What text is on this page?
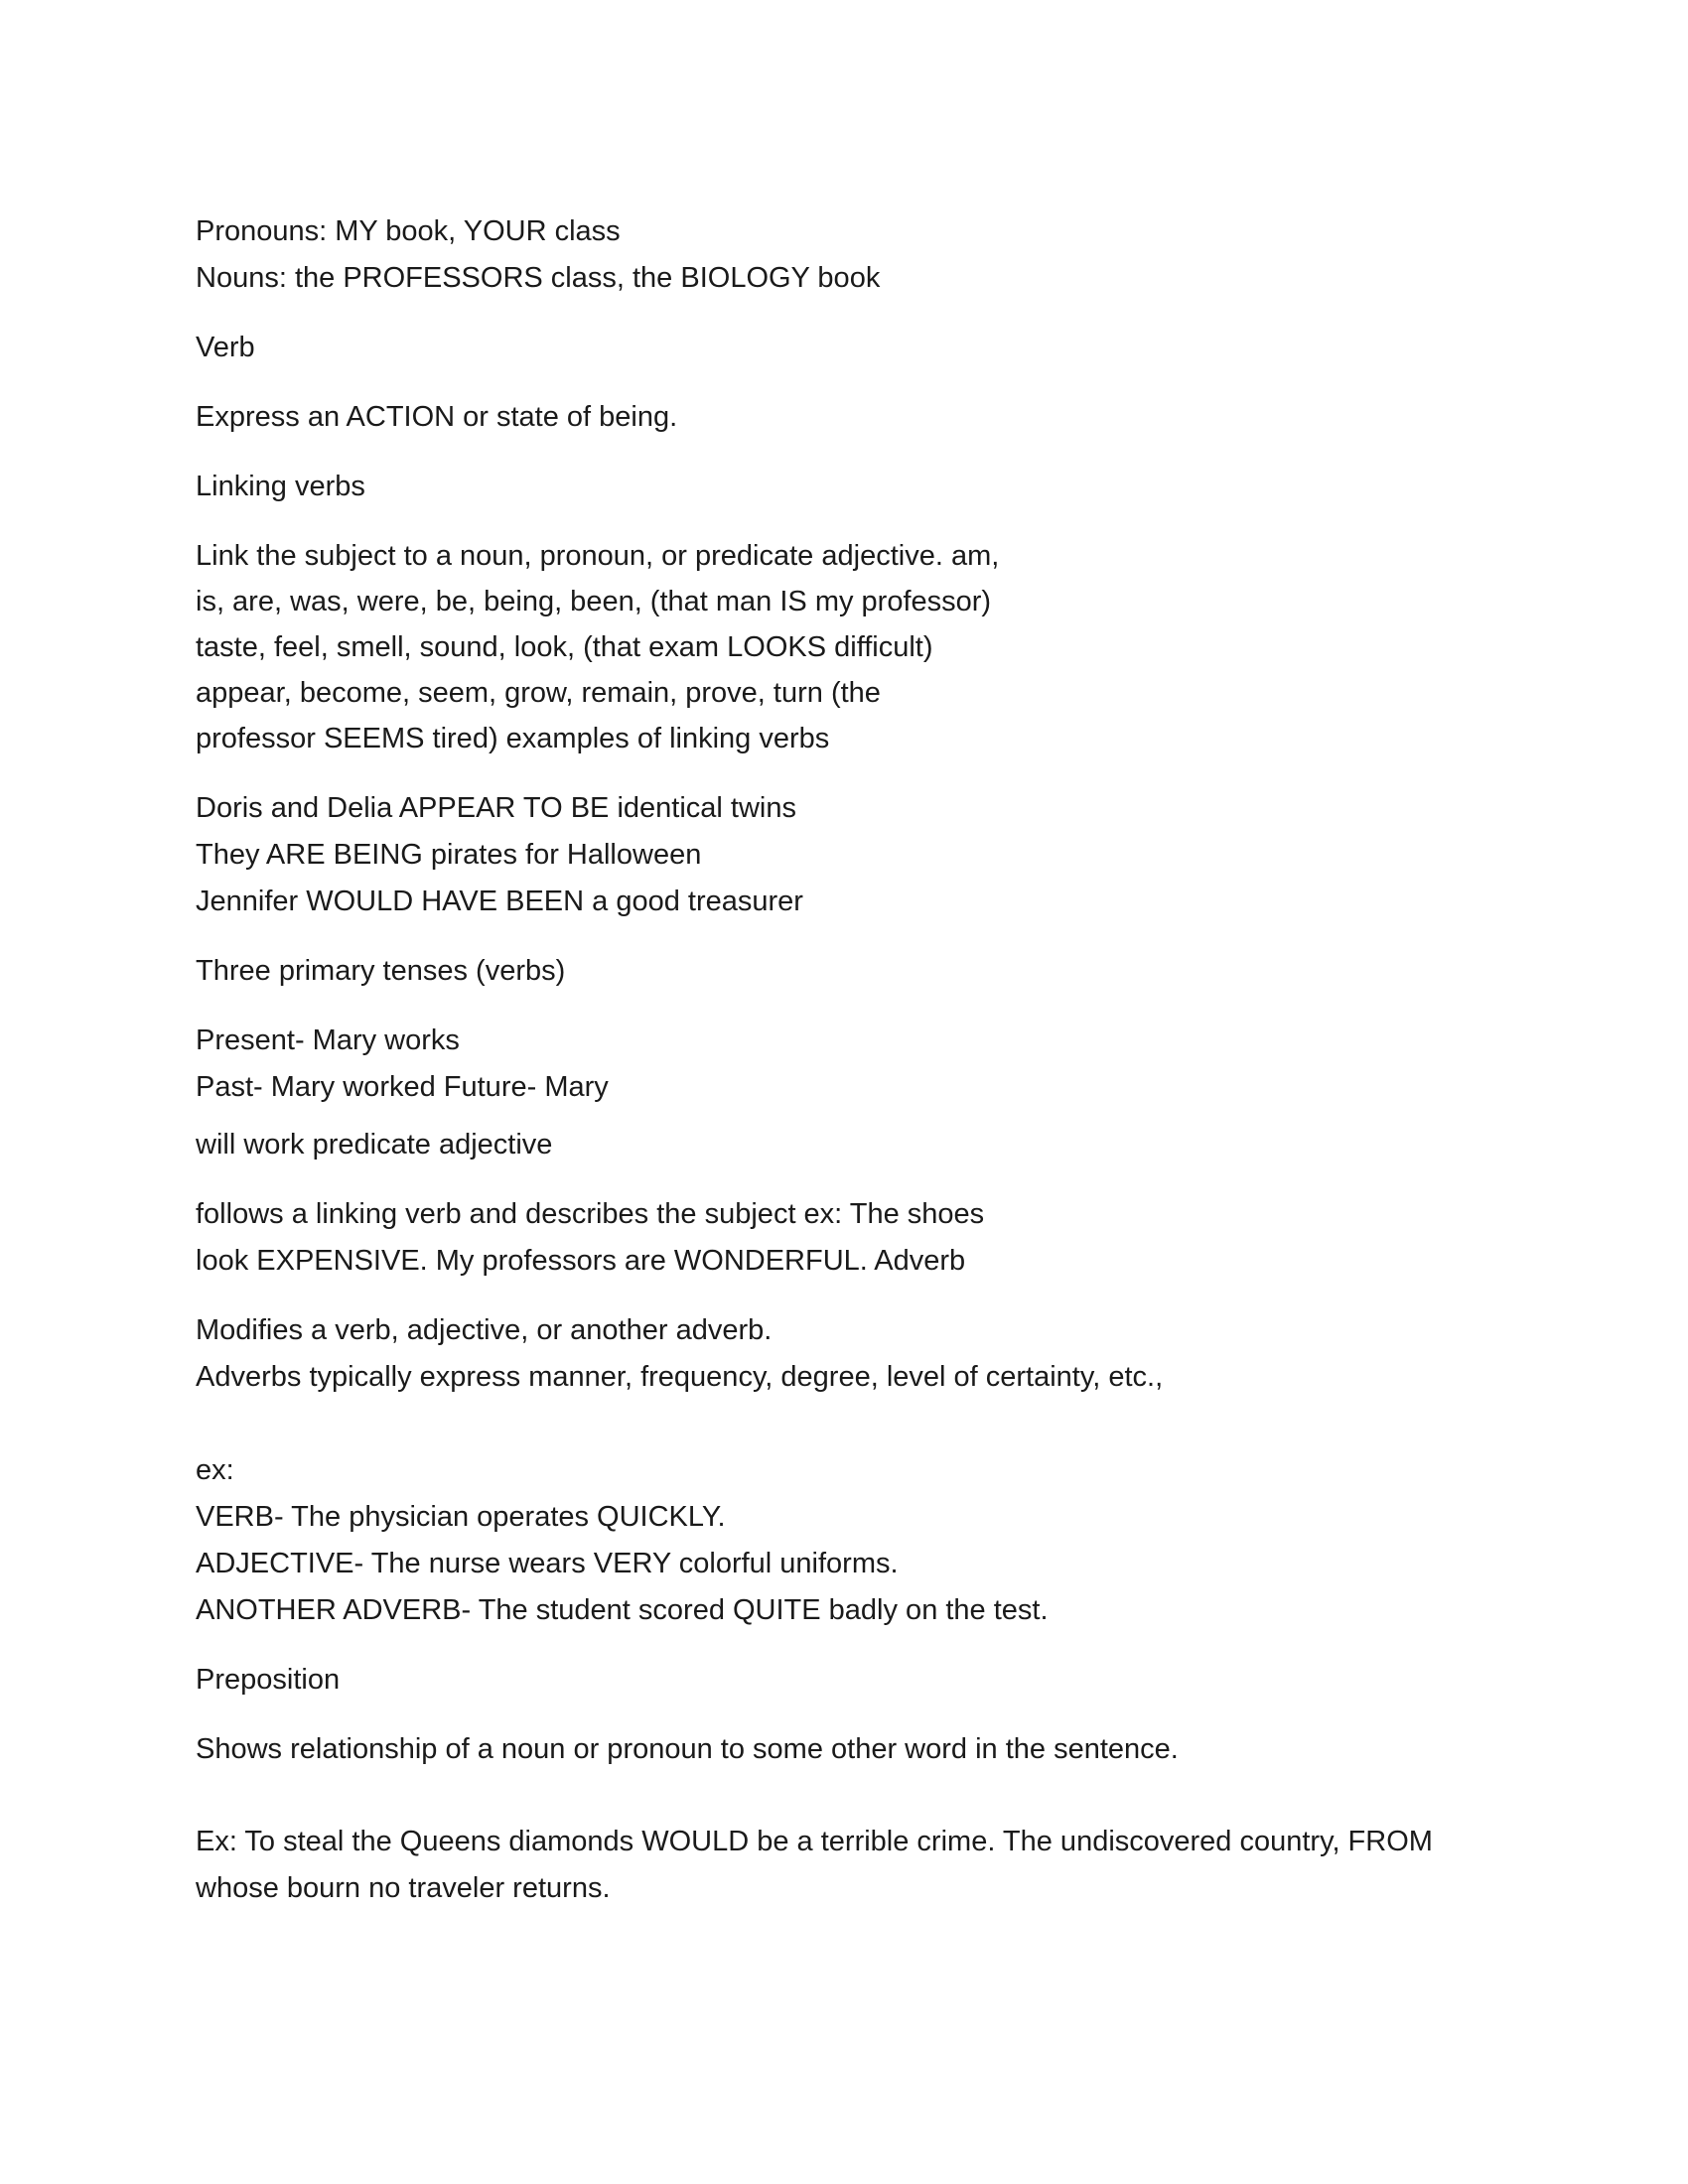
Pronouns: MY book, YOUR class
Nouns: the PROFESSORS class, the BIOLOGY book
Verb
Express an ACTION or state of being.
Linking verbs
Link the subject to a noun, pronoun, or predicate adjective. am,
is, are, was, were, be, being, been, (that man IS my professor)
taste, feel, smell, sound, look, (that exam LOOKS difficult)
appear, become, seem, grow, remain, prove, turn (the
professor SEEMS tired) examples of linking verbs
Doris and Delia APPEAR TO BE identical twins
They ARE BEING pirates for Halloween
Jennifer WOULD HAVE BEEN a good treasurer
Three primary tenses (verbs)
Present- Mary works
Past- Mary worked Future- Mary
will work predicate adjective
follows a linking verb and describes the subject ex: The shoes
look EXPENSIVE. My professors are WONDERFUL. Adverb
Modifies a verb, adjective, or another adverb.
Adverbs typically express manner, frequency, degree, level of certainty, etc.,
ex:
VERB- The physician operates QUICKLY.
ADJECTIVE- The nurse wears VERY colorful uniforms.
ANOTHER ADVERB- The student scored QUITE badly on the test.
Preposition
Shows relationship of a noun or pronoun to some other word in the sentence.
Ex: To steal the Queens diamonds WOULD be a terrible crime. The undiscovered country, FROM
whose bourn no traveler returns.
